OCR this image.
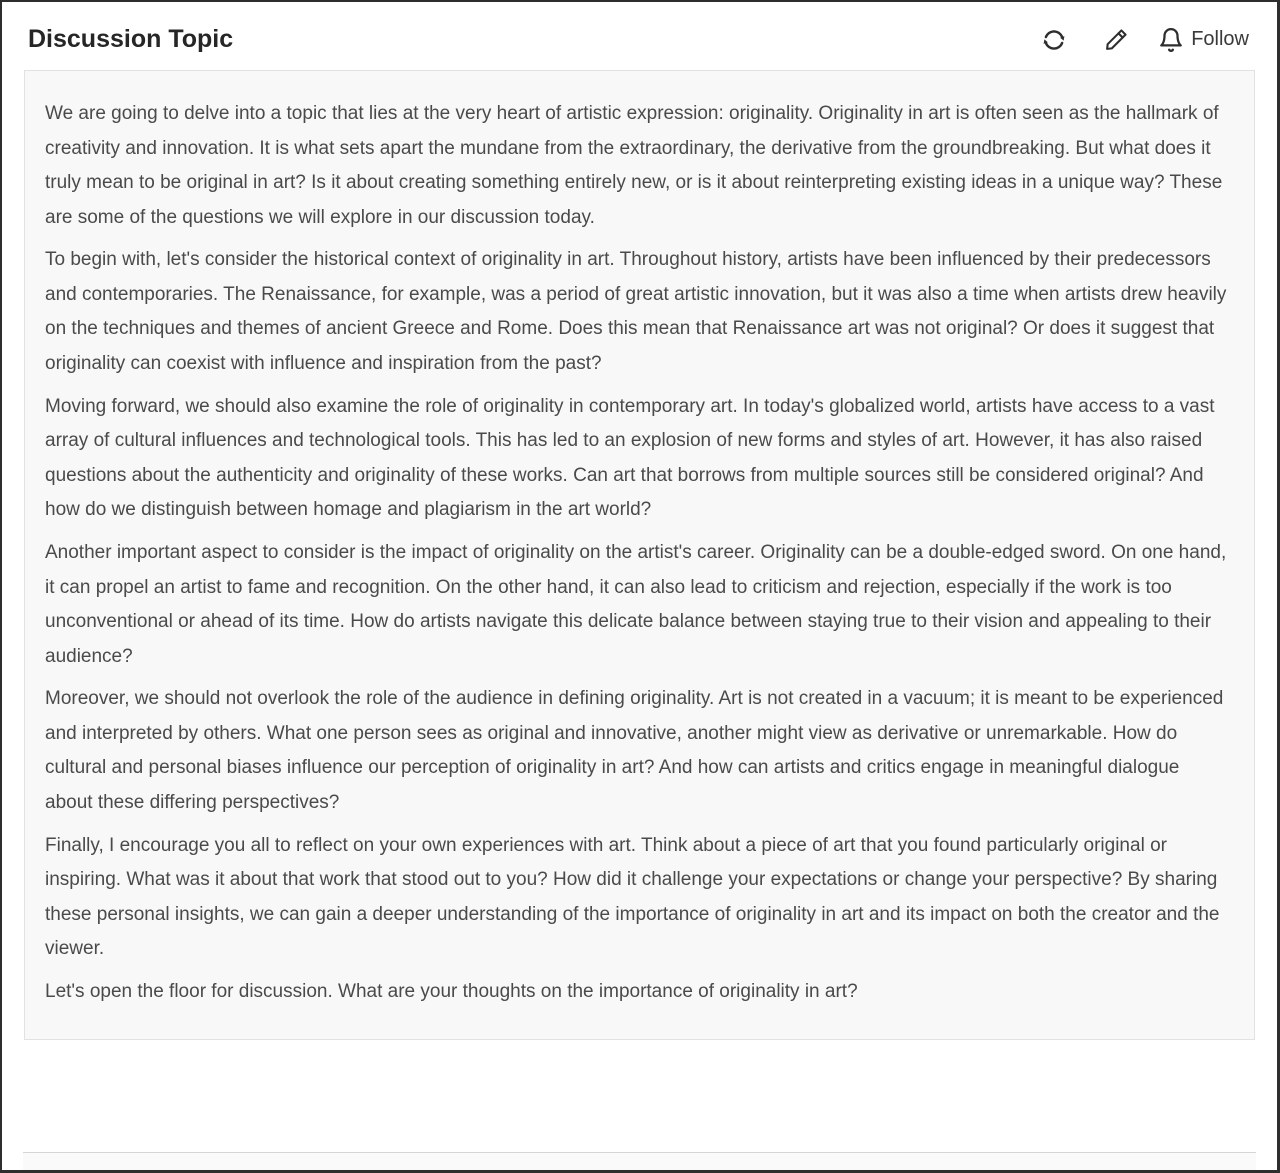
Discussion Topic	Follow

We are going to delve into a topic that lies at the very heart of artistic expression: originality. Originality in art is often seen as the hallmark of creativity and innovation. It is what sets apart the mundane from the extraordinary, the derivative from the groundbreaking. But what does it truly mean to be original in art? Is it about creating something entirely new, or is it about reinterpreting existing ideas in a unique way? These are some of the questions we will explore in our discussion today.

To begin with, let's consider the historical context of originality in art. Throughout history, artists have been influenced by their predecessors and contemporaries. The Renaissance, for example, was a period of great artistic innovation, but it was also a time when artists drew heavily on the techniques and themes of ancient Greece and Rome. Does this mean that Renaissance art was not original? Or does it suggest that originality can coexist with influence and inspiration from the past?

Moving forward, we should also examine the role of originality in contemporary art. In today's globalized world, artists have access to a vast array of cultural influences and technological tools. This has led to an explosion of new forms and styles of art. However, it has also raised questions about the authenticity and originality of these works. Can art that borrows from multiple sources still be considered original? And how do we distinguish between homage and plagiarism in the art world?

Another important aspect to consider is the impact of originality on the artist's career. Originality can be a double-edged sword. On one hand, it can propel an artist to fame and recognition. On the other hand, it can also lead to criticism and rejection, especially if the work is too unconventional or ahead of its time. How do artists navigate this delicate balance between staying true to their vision and appealing to their audience?

Moreover, we should not overlook the role of the audience in defining originality. Art is not created in a vacuum; it is meant to be experienced and interpreted by others. What one person sees as original and innovative, another might view as derivative or unremarkable. How do cultural and personal biases influence our perception of originality in art? And how can artists and critics engage in meaningful dialogue about these differing perspectives?

Finally, I encourage you all to reflect on your own experiences with art. Think about a piece of art that you found particularly original or inspiring. What was it about that work that stood out to you? How did it challenge your expectations or change your perspective? By sharing these personal insights, we can gain a deeper understanding of the importance of originality in art and its impact on both the creator and the viewer.

Let's open the floor for discussion. What are your thoughts on the importance of originality in art?
